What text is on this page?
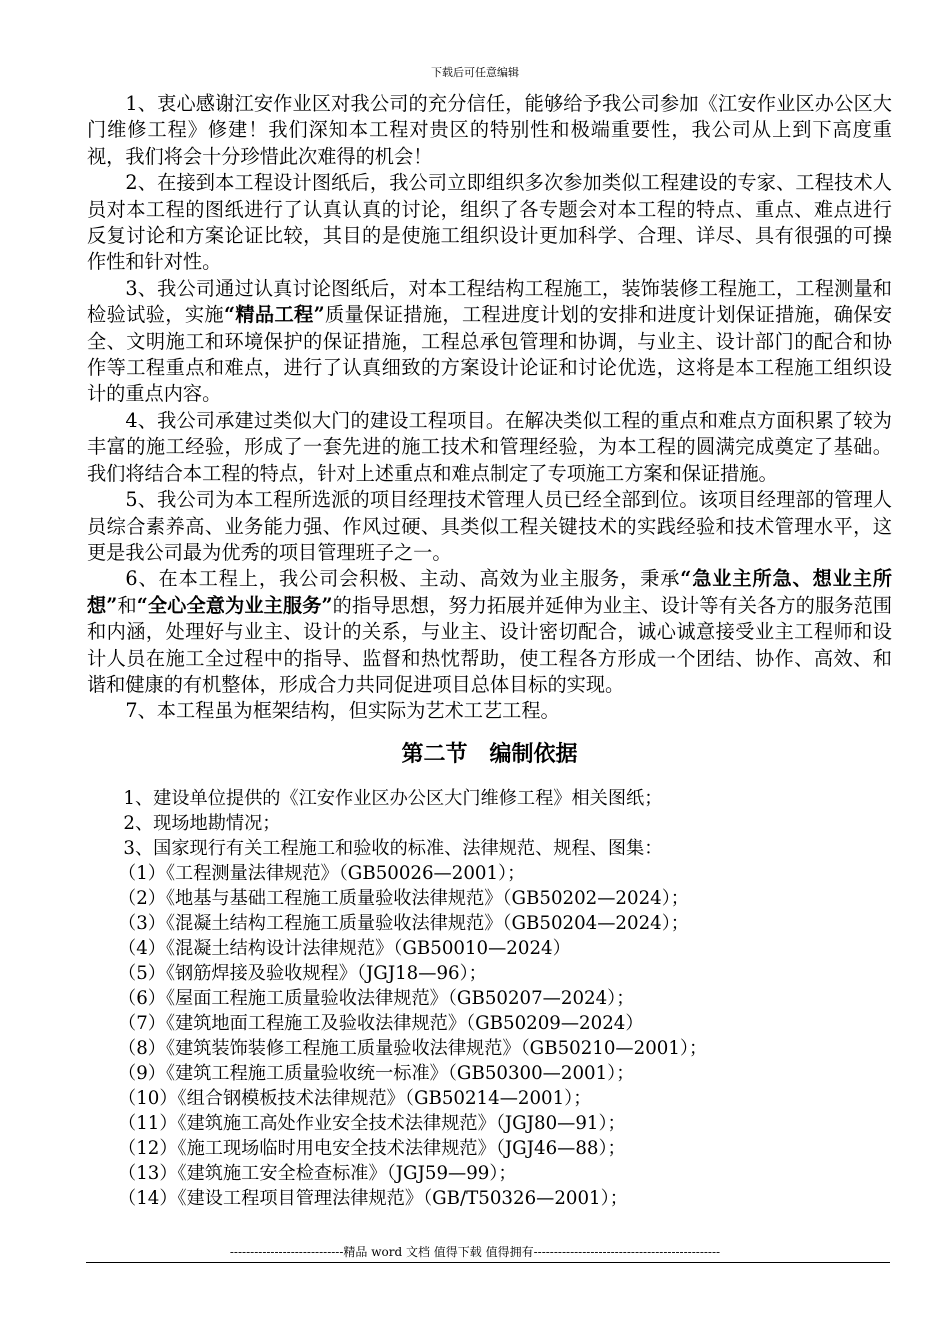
下载后可任意编辑

1、衷心感谢江安作业区对我公司的充分信任，能够给予我公司参加《江安作业区办公区大门维修工程》修建！我们深知本工程对贵区的特别性和极端重要性，我公司从上到下高度重视，我们将会十分珍惜此次难得的机会！

2、在接到本工程设计图纸后，我公司立即组织多次参加类似工程建设的专家、工程技术人员对本工程的图纸进行了认真认真的讨论，组织了各专题会对本工程的特点、重点、难点进行反复讨论和方案论证比较，其目的是使施工组织设计更加科学、合理、详尽、具有很强的可操作性和针对性。

3、我公司通过认真讨论图纸后，对本工程结构工程施工，装饰装修工程施工，工程测量和检验试验，实施“精品工程”质量保证措施，工程进度计划的安排和进度计划保证措施，确保安全、文明施工和环境保护的保证措施，工程总承包管理和协调，与业主、设计部门的配合和协作等工程重点和难点，进行了认真细致的方案设计论证和讨论优选，这将是本工程施工组织设计的重点内容。

4、我公司承建过类似大门的建设工程项目。在解决类似工程的重点和难点方面积累了较为丰富的施工经验，形成了一套先进的施工技术和管理经验，为本工程的圆满完成奠定了基础。我们将结合本工程的特点，针对上述重点和难点制定了专项施工方案和保证措施。

5、我公司为本工程所选派的项目经理技术管理人员已经全部到位。该项目经理部的管理人员综合素养高、业务能力强、作风过硬、具类似工程关键技术的实践经验和技术管理水平，这更是我公司最为优秀的项目管理班子之一。

6、在本工程上，我公司会积极、主动、高效为业主服务，秉承“急业主所急、想业主所想”和“全心全意为业主服务”的指导思想，努力拓展并延伸为业主、设计等有关各方的服务范围和内涵，处理好与业主、设计的关系，与业主、设计密切配合，诚心诚意接受业主工程师和设计人员在施工全过程中的指导、监督和热忱帮助，使工程各方形成一个团结、协作、高效、和谐和健康的有机整体，形成合力共同促进项目总体目标的实现。

7、本工程虽为框架结构，但实际为艺术工艺工程。

第二节　编制依据

1、建设单位提供的《江安作业区办公区大门维修工程》相关图纸；

2、现场地勘情况；

3、国家现行有关工程施工和验收的标准、法律规范、规程、图集：

（1）《工程测量法律规范》（GB50026—2001）；
（2）《地基与基础工程施工质量验收法律规范》（GB50202—2024）；
（3）《混凝土结构工程施工质量验收法律规范》（GB50204—2024）；
（4）《混凝土结构设计法律规范》（GB50010—2024）
（5）《钢筋焊接及验收规程》（JGJ18—96）；
（6）《屋面工程施工质量验收法律规范》（GB50207—2024）；
（7）《建筑地面工程施工及验收法律规范》（GB50209—2024）
（8）《建筑装饰装修工程施工质量验收法律规范》（GB50210—2001）；
（9）《建筑工程施工质量验收统一标准》（GB50300—2001）；
（10）《组合钢模板技术法律规范》（GB50214—2001）；
（11）《建筑施工高处作业安全技术法律规范》（JGJ80—91）；
（12）《施工现场临时用电安全技术法律规范》（JGJ46—88）；
（13）《建筑施工安全检查标准》（JGJ59—99）；
（14）《建设工程项目管理法律规范》（GB/T50326—2001）；
----------------------------精品 word 文档 值得下载 值得拥有----------------------------------------------
